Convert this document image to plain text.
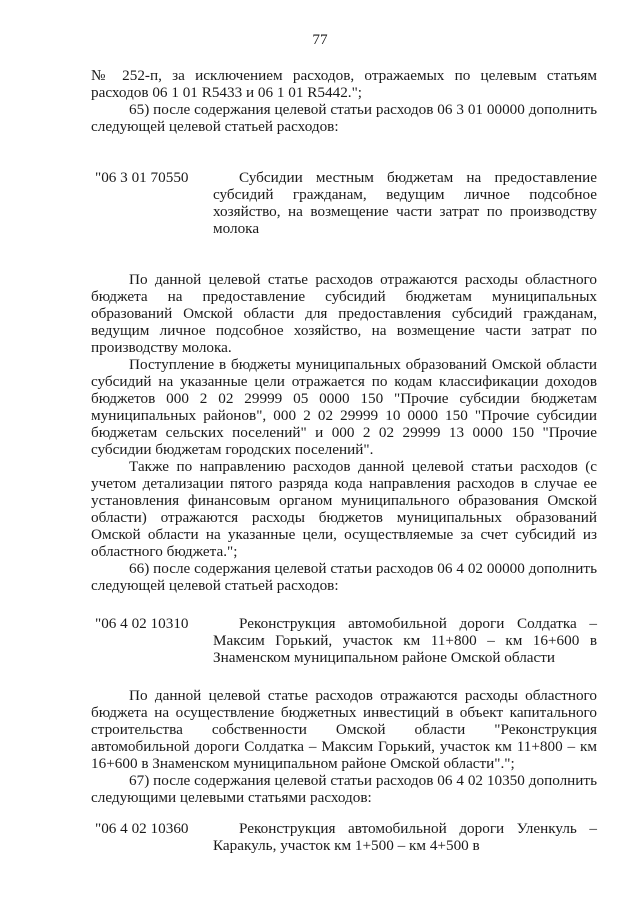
77

№ 252-п, за исключением расходов, отражаемых по целевым статьям расходов 06 1 01 R5433 и 06 1 01 R5442.";

65) после содержания целевой статьи расходов 06 3 01 00000 дополнить следующей целевой статьей расходов:

"06 3 01 70550	Субсидии местным бюджетам на предоставление субсидий гражданам, ведущим личное подсобное хозяйство, на возмещение части затрат по производству молока

По данной целевой статье расходов отражаются расходы областного бюджета на предоставление субсидий бюджетам муниципальных образований Омской области для предоставления субсидий гражданам, ведущим личное подсобное хозяйство, на возмещение части затрат по производству молока.

Поступление в бюджеты муниципальных образований Омской области субсидий на указанные цели отражается по кодам классификации доходов бюджетов 000 2 02 29999 05 0000 150 "Прочие субсидии бюджетам муниципальных районов", 000 2 02 29999 10 0000 150 "Прочие субсидии бюджетам сельских поселений" и 000 2 02 29999 13 0000 150 "Прочие субсидии бюджетам городских поселений".

Также по направлению расходов данной целевой статьи расходов (с учетом детализации пятого разряда кода направления расходов в случае ее установления финансовым органом муниципального образования Омской области) отражаются расходы бюджетов муниципальных образований Омской области на указанные цели, осуществляемые за счет субсидий из областного бюджета.";

66) после содержания целевой статьи расходов 06 4 02 00000 дополнить следующей целевой статьей расходов:

"06 4 02 10310	Реконструкция автомобильной дороги Солдатка – Максим Горький, участок км 11+800 – км 16+600 в Знаменском муниципальном районе Омской области

По данной целевой статье расходов отражаются расходы областного бюджета на осуществление бюджетных инвестиций в объект капитального строительства собственности Омской области "Реконструкция автомобильной дороги Солдатка – Максим Горький, участок км 11+800 – км 16+600 в Знаменском муниципальном районе Омской области".";

67) после содержания целевой статьи расходов 06 4 02 10350 дополнить следующими целевыми статьями расходов:

"06 4 02 10360	Реконструкция автомобильной дороги Уленкуль – Каракуль, участок км 1+500 – км 4+500 в
